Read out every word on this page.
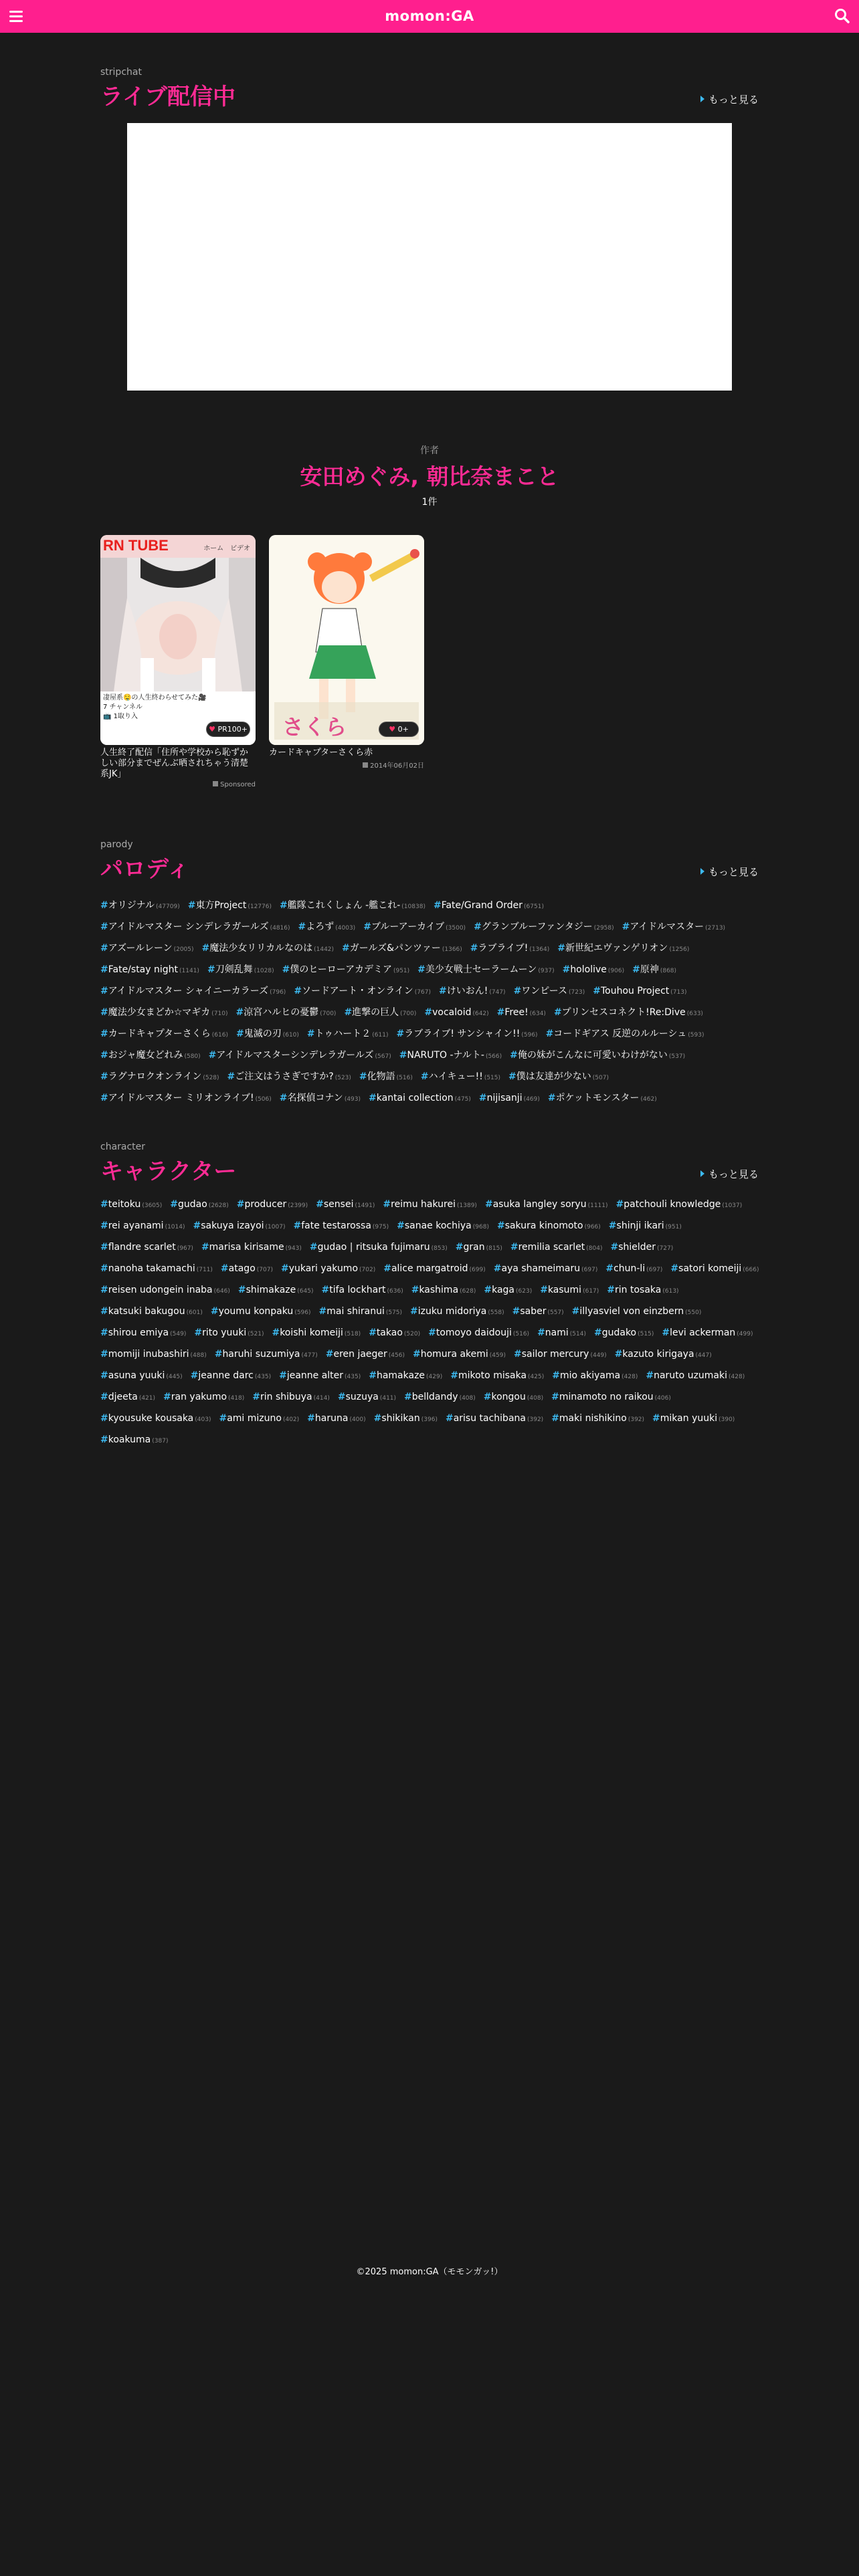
momon:GA
stripchat
ライブ配信中	もっと見る
作者
安田めぐみ, 朝比奈まこと
1件
RN TUBE	ホーム　ビデオ
凄屋系🤤の人生終わらせてみた🎥
7 チャンネル
📺 1取り入
♥ PR100+
人生終了配信「住所や学校から恥ずかしい部分までぜんぶ晒されちゃう清楚系JK」
Sponsored
さくら	♥ 0+
カードキャプターさくら赤
2014年06月02日
parody
パロディ	もっと見る
#オリジナル (47709) #東方Project (12776) #艦隊これくしょん -艦これ- (10838) #Fate/Grand Order (6751)
#アイドルマスター シンデレラガールズ (4816) #よろず (4003) #ブルーアーカイブ (3500) #グランブルーファンタジー (2958) #アイドルマスター (2713)
#アズールレーン (2005) #魔法少女リリカルなのは (1442) #ガールズ&パンツァー (1366) #ラブライブ! (1364) #新世紀エヴァンゲリオン (1256)
#Fate/stay night (1141) #刀剣乱舞 (1028) #僕のヒーローアカデミア (951) #美少女戦士セーラームーン (937) #hololive (906) #原神 (868)
#アイドルマスター シャイニーカラーズ (796) #ソードアート・オンライン (767) #けいおん! (747) #ワンピース (723) #Touhou Project (713)
#魔法少女まどか☆マギカ (710) #涼宮ハルヒの憂鬱 (700) #進撃の巨人 (700) #vocaloid (642) #Free! (634) #プリンセスコネクト!Re:Dive (633)
#カードキャプターさくら (616) #鬼滅の刃 (610) #トゥハート２ (611) #ラブライブ! サンシャイン!! (596) #コードギアス 反逆のルルーシュ (593)
#おジャ魔女どれみ (580) #アイドルマスターシンデレラガールズ (567) #NARUTO -ナルト- (566) #俺の妹がこんなに可愛いわけがない (537)
#ラグナロクオンライン (528) #ご注文はうさぎですか? (523) #化物語 (516) #ハイキュー!! (515) #僕は友達が少ない (507)
#アイドルマスター ミリオンライブ! (506) #名探偵コナン (493) #kantai collection (475) #nijisanji (469) #ポケットモンスター (462)
character
キャラクター	もっと見る
#teitoku (3605) #gudao (2628) #producer (2399) #sensei (1491) #reimu hakurei (1389) #asuka langley soryu (1111) #patchouli knowledge (1037)
#rei ayanami (1014) #sakuya izayoi (1007) #fate testarossa (975) #sanae kochiya (968) #sakura kinomoto (966) #shinji ikari (951)
#flandre scarlet (967) #marisa kirisame (943) #gudao | ritsuka fujimaru (853) #gran (815) #remilia scarlet (804) #shielder (727)
#nanoha takamachi (711) #atago (707) #yukari yakumo (702) #alice margatroid (699) #aya shameimaru (697) #chun-li (697) #satori komeiji (666)
#reisen udongein inaba (646) #shimakaze (645) #tifa lockhart (636) #kashima (628) #kaga (623) #kasumi (617) #rin tosaka (613)
#katsuki bakugou (601) #youmu konpaku (596) #mai shiranui (575) #izuku midoriya (558) #saber (557) #illyasviel von einzbern (550)
#shirou emiya (549) #rito yuuki (521) #koishi komeiji (518) #takao (520) #tomoyo daidouji (516) #nami (514) #gudako (515) #levi ackerman (499)
#momiji inubashiri (488) #haruhi suzumiya (477) #eren jaeger (456) #homura akemi (459) #sailor mercury (449) #kazuto kirigaya (447)
#asuna yuuki (445) #jeanne darc (435) #jeanne alter (435) #hamakaze (429) #mikoto misaka (425) #mio akiyama (428) #naruto uzumaki (428)
#djeeta (421) #ran yakumo (418) #rin shibuya (414) #suzuya (411) #belldandy (408) #kongou (408) #minamoto no raikou (406)
#kyousuke kousaka (403) #ami mizuno (402) #haruna (400) #shikikan (396) #arisu tachibana (392) #maki nishikino (392) #mikan yuuki (390)
#koakuma (387)
©2025 momon:GA（モモンガッ!）
